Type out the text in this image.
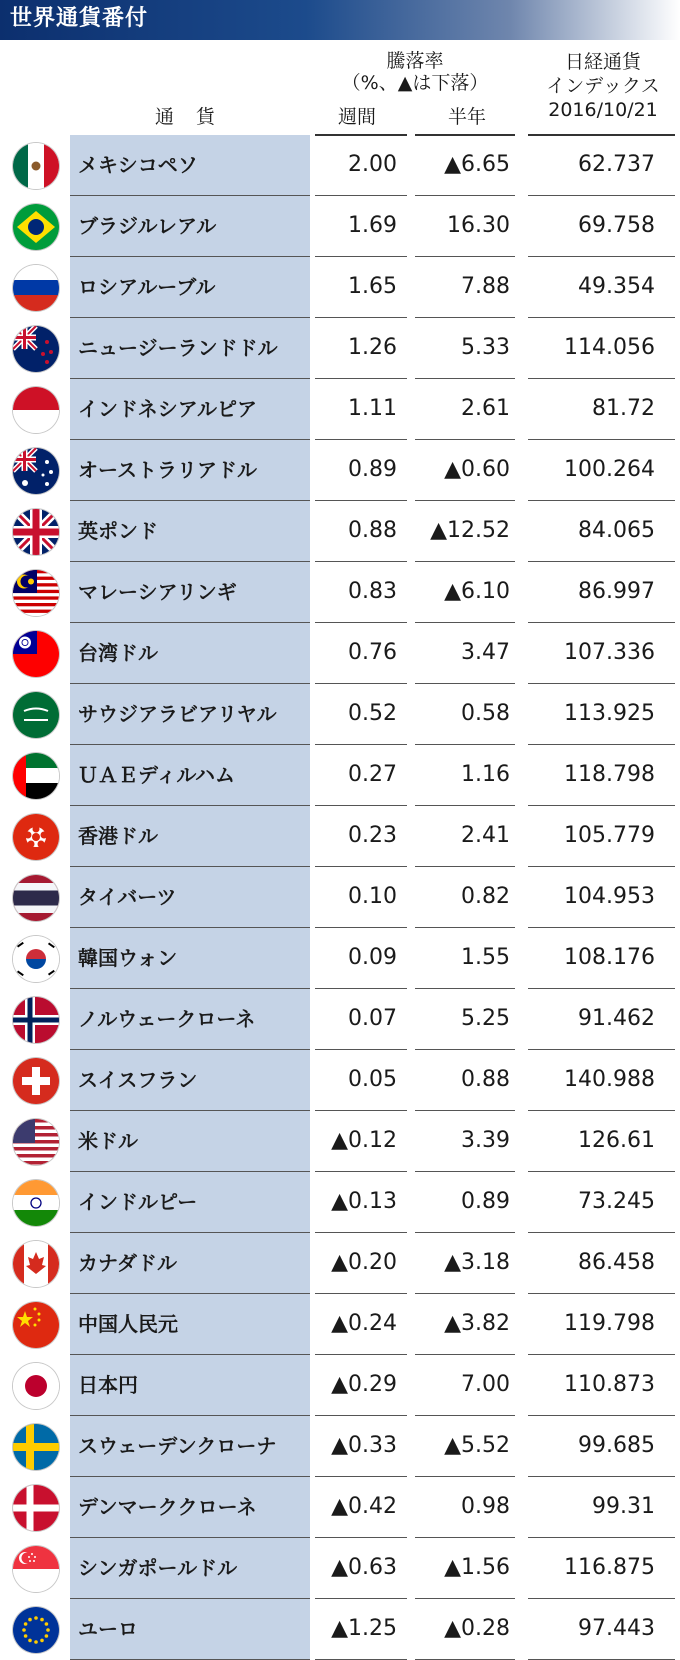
世界通貨番付
通貨
騰落率
（%、▲は下落）
週間	半年
日経通貨
インデックス
2016/10/21
メキシコペソ	2.00	▲6.65	62.737
ブラジルレアル	1.69	16.30	69.758
ロシアルーブル	1.65	7.88	49.354
ニュージーランドドル	1.26	5.33	114.056
インドネシアルピア	1.11	2.61	81.72
オーストラリアドル	0.89	▲0.60	100.264
英ポンド	0.88	▲12.52	84.065
マレーシアリンギ	0.83	▲6.10	86.997
台湾ドル	0.76	3.47	107.336
サウジアラビアリヤル	0.52	0.58	113.925
ＵＡＥディルハム	0.27	1.16	118.798
香港ドル	0.23	2.41	105.779
タイバーツ	0.10	0.82	104.953
韓国ウォン	0.09	1.55	108.176
ノルウェークローネ	0.07	5.25	91.462
スイスフラン	0.05	0.88	140.988
米ドル	▲0.12	3.39	126.61
インドルピー	▲0.13	0.89	73.245
カナダドル	▲0.20	▲3.18	86.458
中国人民元	▲0.24	▲3.82	119.798
日本円	▲0.29	7.00	110.873
スウェーデンクローナ	▲0.33	▲5.52	99.685
デンマーククローネ	▲0.42	0.98	99.31
シンガポールドル	▲0.63	▲1.56	116.875
ユーロ	▲1.25	▲0.28	97.443
